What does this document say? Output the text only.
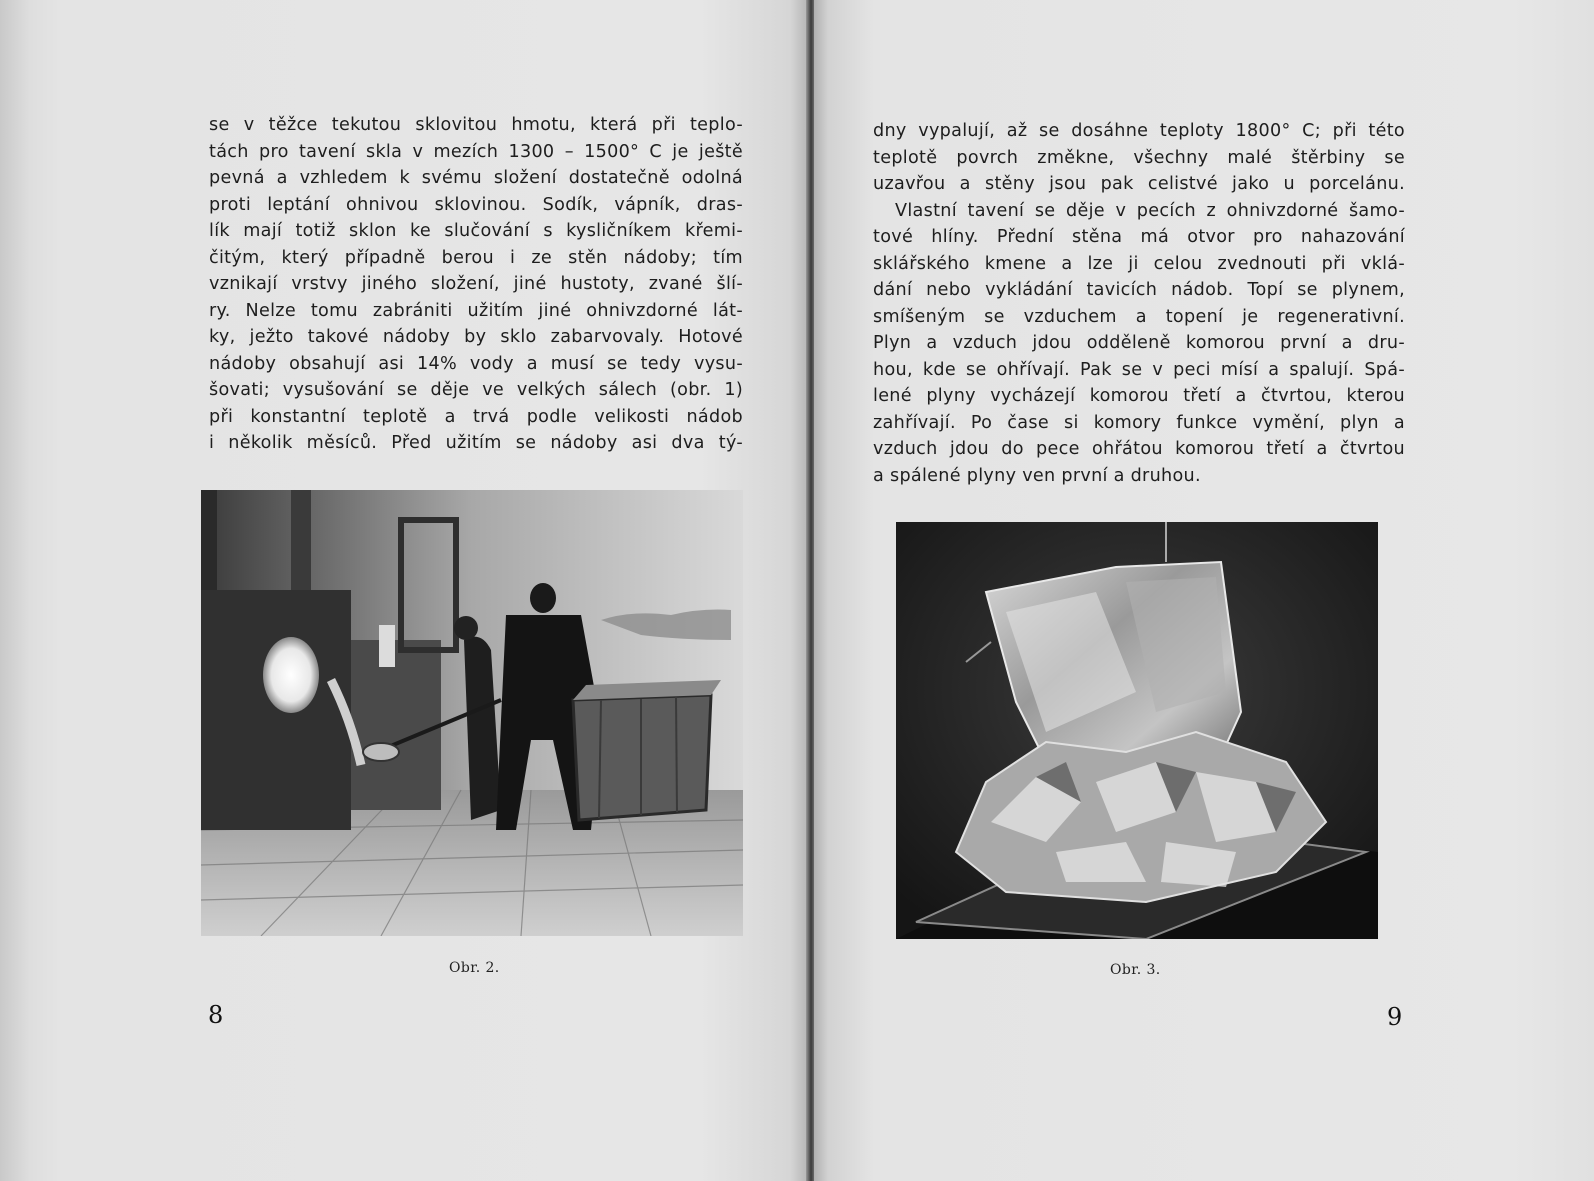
se v těžce tekutou sklovitou hmotu, která při teplo-
tách pro tavení skla v mezích 1300 – 1500° C je ještě
pevná a vzhledem k svému složení dostatečně odolná
proti leptání ohnivou sklovinou. Sodík, vápník, dras-
lík mají totiž sklon ke slučování s kysličníkem křemi-
čitým, který případně berou i ze stěn nádoby; tím
vznikají vrstvy jiného složení, jiné hustoty, zvané šlí-
ry. Nelze tomu zabrániti užitím jiné ohnivzdorné lát-
ky, ježto takové nádoby by sklo zabarvovaly. Hotové
nádoby obsahují asi 14% vody a musí se tedy vysu-
šovati; vysušování se děje ve velkých sálech (obr. 1)
při konstantní teplotě a trvá podle velikosti nádob
i několik měsíců. Před užitím se nádoby asi dva tý-
Obr. 2.
8
dny vypalují, až se dosáhne teploty 1800° C; při této
teplotě povrch změkne, všechny malé štěrbiny se
uzavřou a stěny jsou pak celistvé jako u porcelánu.
Vlastní tavení se děje v pecích z ohnivzdorné šamo-
tové hlíny. Přední stěna má otvor pro nahazování
sklářského kmene a lze ji celou zvednouti při vklá-
dání nebo vykládání tavicích nádob. Topí se plynem,
smíšeným se vzduchem a topení je regenerativní.
Plyn a vzduch jdou odděleně komorou první a dru-
hou, kde se ohřívají. Pak se v peci mísí a spalují. Spá-
lené plyny vycházejí komorou třetí a čtvrtou, kterou
zahřívají. Po čase si komory funkce vymění, plyn a
vzduch jdou do pece ohřátou komorou třetí a čtvrtou
a spálené plyny ven první a druhou.
Obr. 3.
9
